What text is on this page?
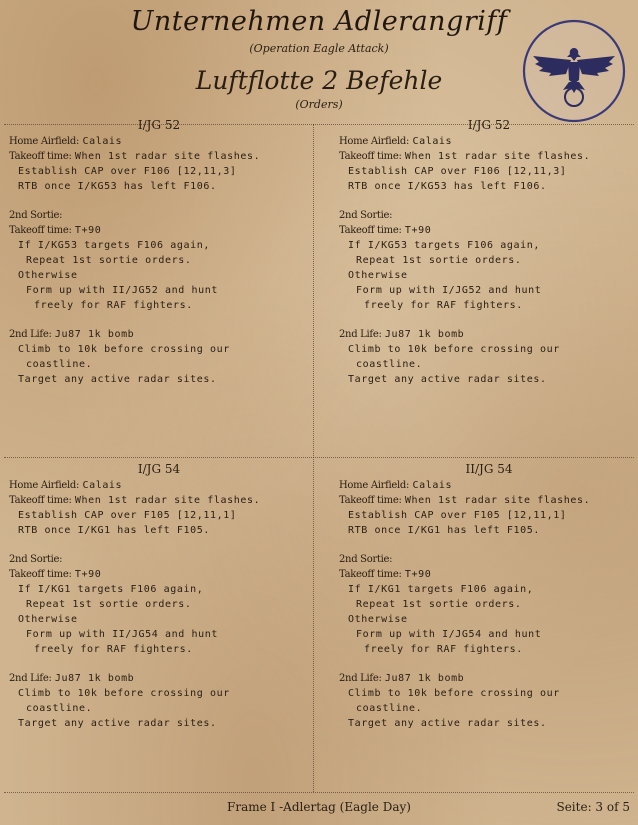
Unternehmen Adlerangriff
(Operation Eagle Attack)
Luftflotte 2 Befehle
(Orders)
I/JG 52
Home Airfield: Calais
Takeoff time: When 1st radar site flashes.
Establish CAP over F106 [12,11,3]
RTB once I/KG53 has left F106.
2nd Sortie:
Takeoff time: T+90
If I/KG53 targets F106 again,
Repeat 1st sortie orders.
Otherwise
Form up with II/JG52 and hunt
freely for RAF fighters.
2nd Life: Ju87 1k bomb
Climb to 10k before crossing our
coastline.
Target any active radar sites.
I/JG 52
Home Airfield: Calais
Takeoff time: When 1st radar site flashes.
Establish CAP over F106 [12,11,3]
RTB once I/KG53 has left F106.
2nd Sortie:
Takeoff time: T+90
If I/KG53 targets F106 again,
Repeat 1st sortie orders.
Otherwise
Form up with I/JG52 and hunt
freely for RAF fighters.
2nd Life: Ju87 1k bomb
Climb to 10k before crossing our
coastline.
Target any active radar sites.
I/JG 54
Home Airfield: Calais
Takeoff time: When 1st radar site flashes.
Establish CAP over F105 [12,11,1]
RTB once I/KG1 has left F105.
2nd Sortie:
Takeoff time: T+90
If I/KG1 targets F106 again,
Repeat 1st sortie orders.
Otherwise
Form up with II/JG54 and hunt
freely for RAF fighters.
2nd Life: Ju87 1k bomb
Climb to 10k before crossing our
coastline.
Target any active radar sites.
II/JG 54
Home Airfield: Calais
Takeoff time: When 1st radar site flashes.
Establish CAP over F105 [12,11,1]
RTB once I/KG1 has left F105.
2nd Sortie:
Takeoff time: T+90
If I/KG1 targets F106 again,
Repeat 1st sortie orders.
Otherwise
Form up with I/JG54 and hunt
freely for RAF fighters.
2nd Life: Ju87 1k bomb
Climb to 10k before crossing our
coastline.
Target any active radar sites.
Frame I -Adlertag (Eagle Day)	Seite: 3 of 5
